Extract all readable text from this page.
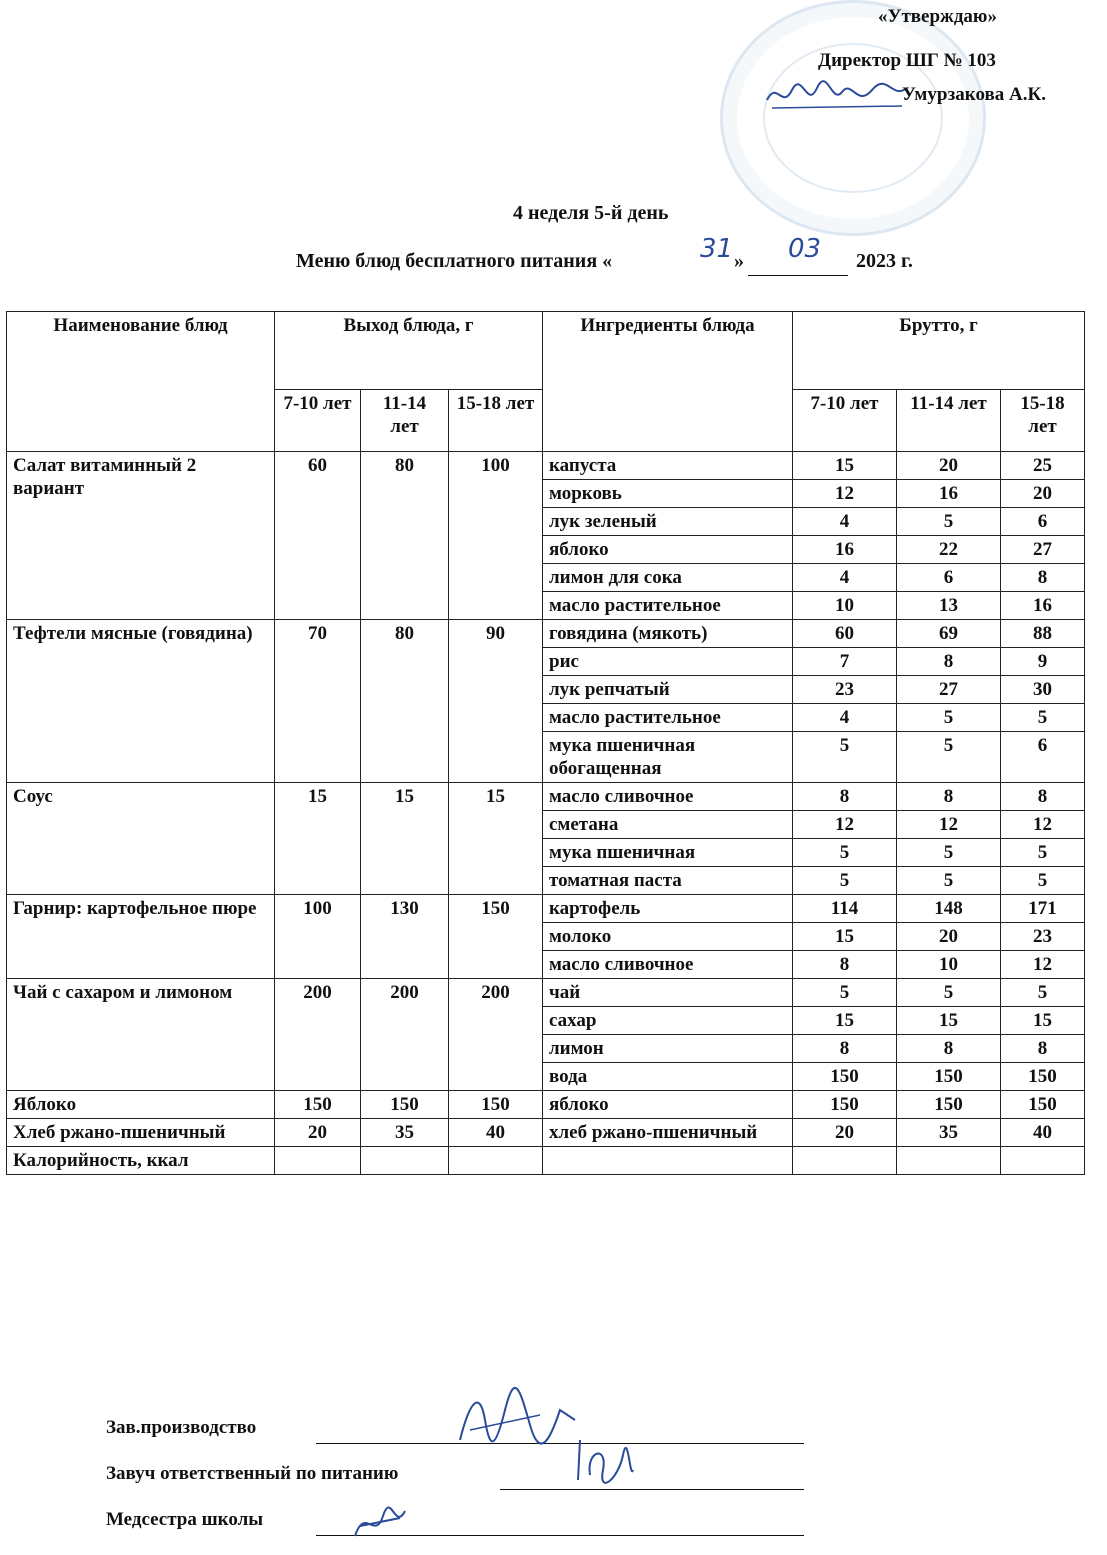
«Утверждаю»
Директор ШГ № 103
Умурзакова А.К.
4 неделя 5-й день
Меню блюд бесплатного питания «	31 » 03 2023 г.
Наименование блюд	Выход блюда, г			Ингредиенты блюда	Брутто, г		
	7-10 лет	11-14 лет	15-18 лет		7-10 лет	11-14 лет	15-18 лет
Салат витаминный 2 вариант	60	80	100	капуста	15	20	25
				морковь	12	16	20
				лук зеленый	4	5	6
				яблоко	16	22	27
				лимон для сока	4	6	8
				масло растительное	10	13	16
Тефтели мясные (говядина)	70	80	90	говядина (мякоть)	60	69	88
				рис	7	8	9
				лук репчатый	23	27	30
				масло растительное	4	5	5
				мука пшеничная обогащенная	5	5	6
Соус	15	15	15	масло сливочное	8	8	8
				сметана	12	12	12
				мука пшеничная	5	5	5
				томатная паста	5	5	5
Гарнир: картофельное пюре	100	130	150	картофель	114	148	171
				молоко	15	20	23
				масло сливочное	8	10	12
Чай с сахаром и лимоном	200	200	200	чай	5	5	5
				сахар	15	15	15
				лимон	8	8	8
				вода	150	150	150
Яблоко	150	150	150	яблоко	150	150	150
Хлеб ржано-пшеничный	20	35	40	хлеб ржано-пшеничный	20	35	40
Калорийность, ккал							
Зав.производство
Завуч ответственный по питанию
Медсестра школы
